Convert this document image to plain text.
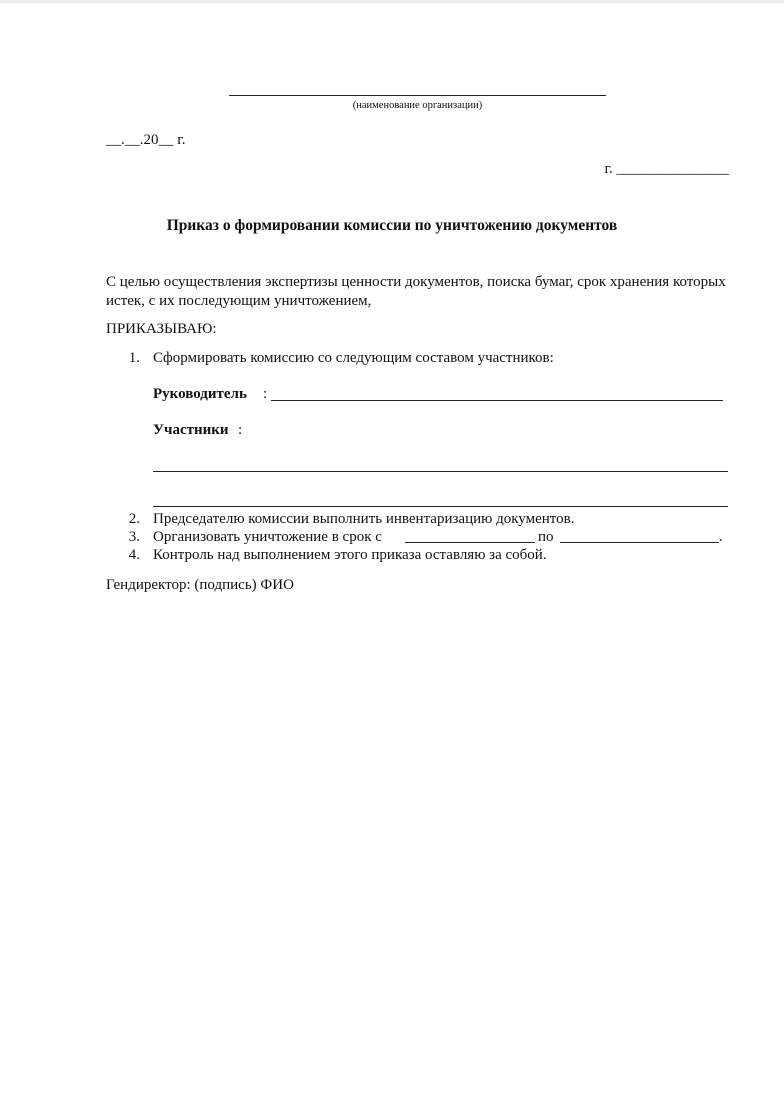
(наименование организации)
__.__.20__ г.
г. _______________
Приказ о формировании комиссии по уничтожению документов
С целью осуществления экспертизы ценности документов, поиска бумаг, срок хранения которых истек, с их последующим уничтожением,
ПРИКАЗЫВАЮ:
1. Сформировать комиссию со следующим составом участников:
Руководитель :
Участники :
2. Председателю комиссии выполнить инвентаризацию документов.
3. Организовать уничтожение в срок с	по	.
4. Контроль над выполнением этого приказа оставляю за собой.
Гендиректор: (подпись) ФИО
